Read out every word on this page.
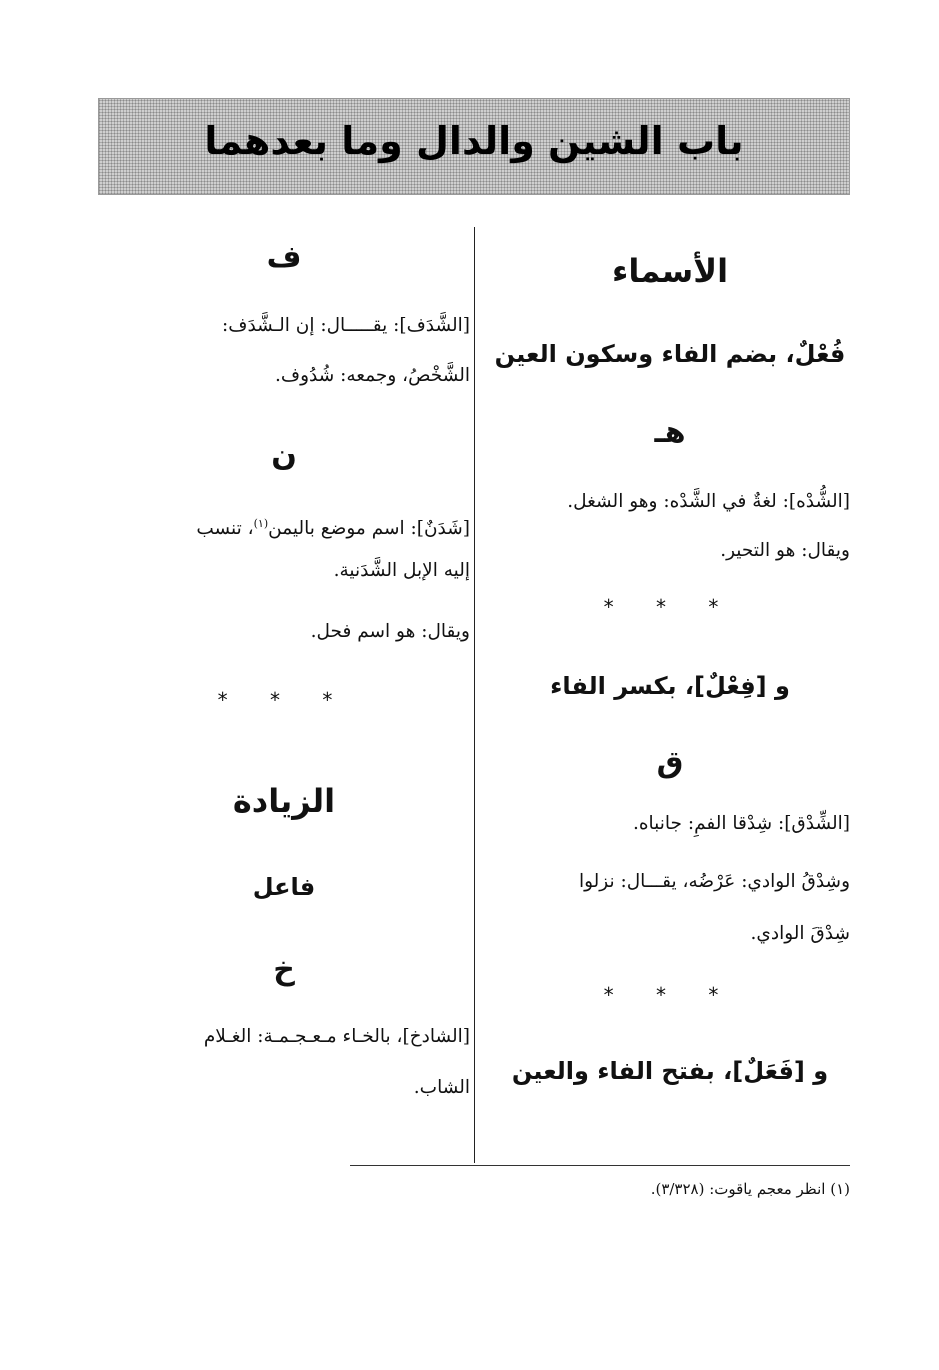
باب الشين والدال وما بعدهما
الأسماء
فُعْلٌ، بضم الفاء وسكون العين
هـ
[الشُّدْه]: لغةٌ في الشَّدْه: وهو الشغل.
ويقال: هو التحير.
* * *
و [فِعْلٌ]، بكسر الفاء
ق
[الشِّدْق]: شِدْقا الفمِ: جانباه.
وشِدْقُ الوادي: عَرْضُه، يقـــال: نزلوا
شِدْقَ الوادي.
* * *
و [فَعَلٌ]، بفتح الفاء والعين
ف
[الشَّدَف]: يقـــــال: إن الـشَّدَف:
الشَّخْصُ، وجمعه: شُدُوف.
ن
[شَدَنٌ]: اسم موضع باليمن$^{(١)}$، تنسب
إليه الإبل الشَّدَنية.
ويقال: هو اسم فحل.
* * *
الزيادة
فاعل
خ
[الشادخ]، بالخـاء مـعـجـمـة: الغـلام
الشاب.
(١) انظر معجم ياقوت: (٣/٣٢٨).
